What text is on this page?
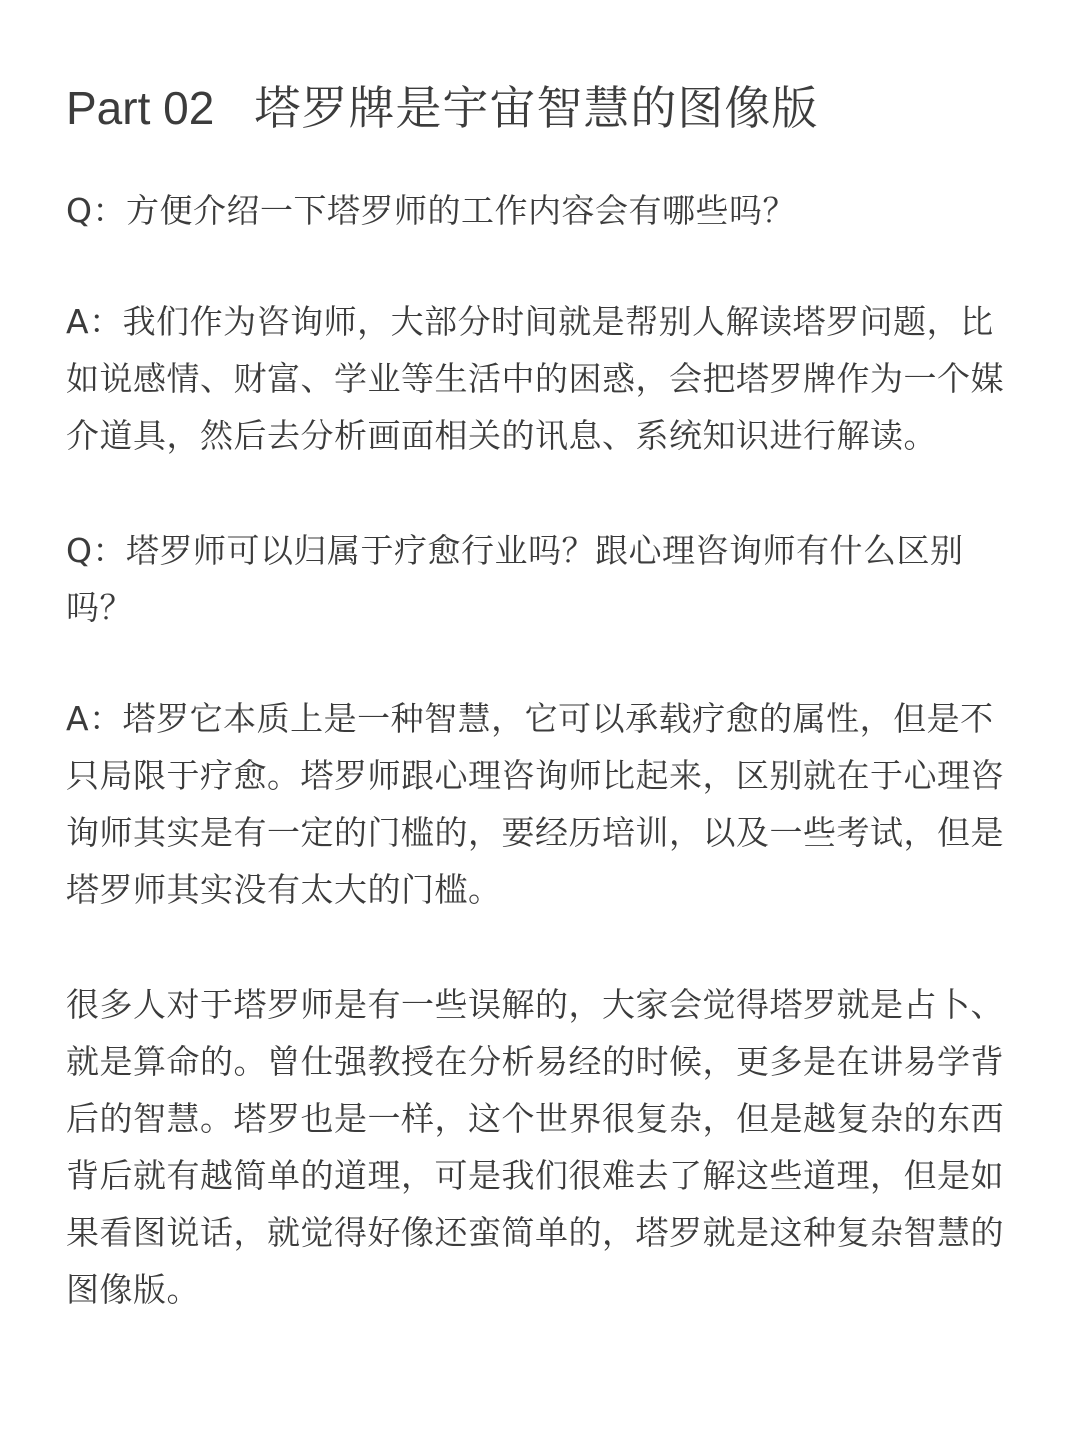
Part 02 塔罗牌是宇宙智慧的图像版

Q：方便介绍一下塔罗师的工作内容会有哪些吗？

A：我们作为咨询师，大部分时间就是帮别人解读塔罗问题，比如说感情、财富、学业等生活中的困惑，会把塔罗牌作为一个媒介道具，然后去分析画面相关的讯息、系统知识进行解读。

Q：塔罗师可以归属于疗愈行业吗？跟心理咨询师有什么区别吗？

A：塔罗它本质上是一种智慧，它可以承载疗愈的属性，但是不只局限于疗愈。塔罗师跟心理咨询师比起来，区别就在于心理咨询师其实是有一定的门槛的，要经历培训，以及一些考试，但是塔罗师其实没有太大的门槛。

很多人对于塔罗师是有一些误解的，大家会觉得塔罗就是占卜、就是算命的。曾仕强教授在分析易经的时候，更多是在讲易学背后的智慧。塔罗也是一样，这个世界很复杂，但是越复杂的东西背后就有越简单的道理，可是我们很难去了解这些道理，但是如果看图说话，就觉得好像还蛮简单的，塔罗就是这种复杂智慧的图像版。
